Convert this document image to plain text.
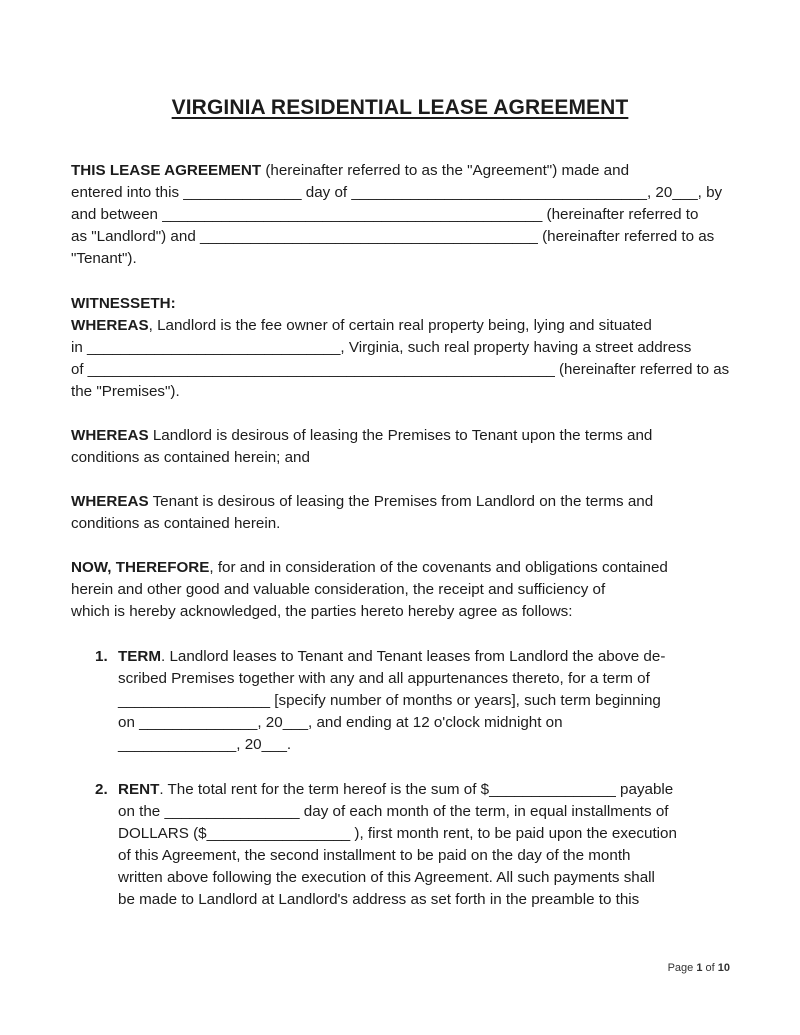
VIRGINIA RESIDENTIAL LEASE AGREEMENT
THIS LEASE AGREEMENT (hereinafter referred to as the "Agreement") made and
entered into this ______________ day of ___________________________________, 20___, by
and between _____________________________________________ (hereinafter referred to
as "Landlord") and ________________________________________ (hereinafter referred to as
"Tenant").
WITNESSETH:
WHEREAS, Landlord is the fee owner of certain real property being, lying and situated
in ______________________________, Virginia, such real property having a street address
of ________________________________________________________ (hereinafter referred to as
the "Premises").
WHEREAS Landlord is desirous of leasing the Premises to Tenant upon the terms and
conditions as contained herein; and
WHEREAS Tenant is desirous of leasing the Premises from Landlord on the terms and
conditions as contained herein.
NOW, THEREFORE, for and in consideration of the covenants and obligations contained
herein and other good and valuable consideration, the receipt and sufficiency of
which is hereby acknowledged, the parties hereto hereby agree as follows:
1. TERM. Landlord leases to Tenant and Tenant leases from Landlord the above de-
scribed Premises together with any and all appurtenances thereto, for a term of
__________________ [specify number of months or years], such term beginning
on ______________, 20___, and ending at 12 o'clock midnight on
______________, 20___.
2. RENT. The total rent for the term hereof is the sum of $_______________ payable
on the ________________ day of each month of the term, in equal installments of
DOLLARS ($_________________ ), first month rent, to be paid upon the execution
of this Agreement, the second installment to be paid on the day of the month
written above following the execution of this Agreement. All such payments shall
be made to Landlord at Landlord's address as set forth in the preamble to this
Page 1 of 10
